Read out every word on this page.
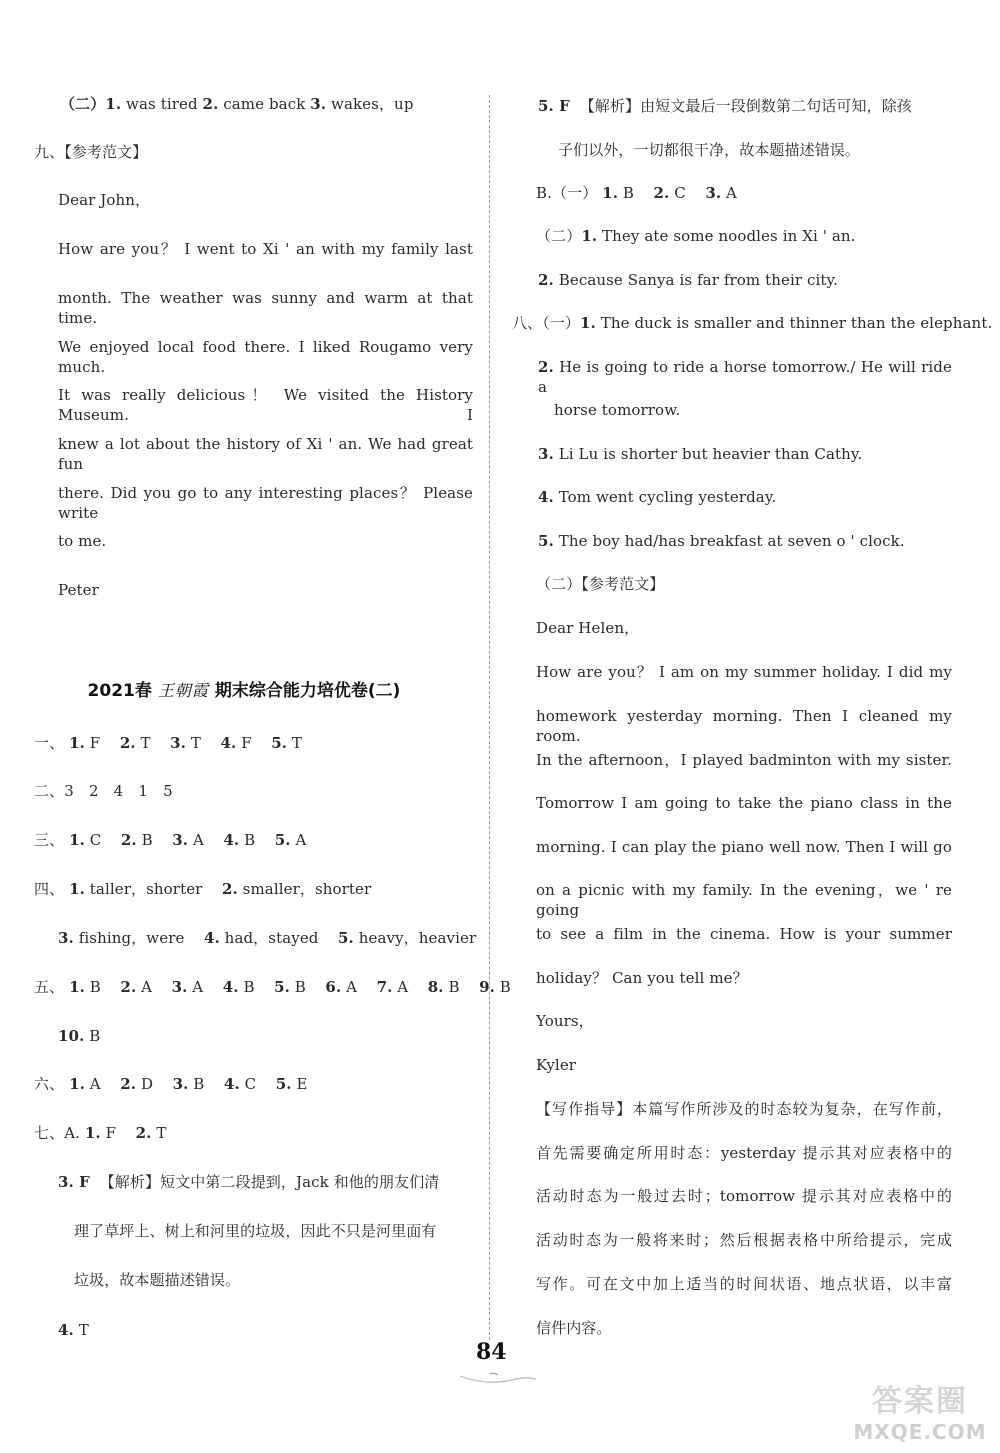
（二）1. was tired 2. came back 3. wakes，up
九、【参考范文】
Dear John，
How are you？ I went to Xi ' an with my family last
month. The weather was sunny and warm at that time.
We enjoyed local food there. I liked Rougamo very much.
It was really delicious！ We visited the History Museum. I
knew a lot about the history of Xi ' an. We had great fun
there. Did you go to any interesting places？ Please write
to me.
Peter
2021春 王朝霞 期末综合能力培优卷(二)
一、 1. F 2. T 3. T 4. F 5. T
二、3　2　4　1　5
三、 1. C 2. B 3. A 4. B 5. A
四、 1. taller，shorter 2. smaller，shorter
3. fishing，were 4. had，stayed 5. heavy，heavier
五、 1. B 2. A 3. A 4. B 5. B 6. A 7. A 8. B 9. B
10. B
六、 1. A 2. D 3. B 4. C 5. E
七、A. 1. F 2. T
3. F 【解析】短文中第二段提到，Jack 和他的朋友们清
理了草坪上、树上和河里的垃圾，因此不只是河里面有
垃圾，故本题描述错误。
4. T
5. F 【解析】由短文最后一段倒数第二句话可知，除孩
子们以外，一切都很干净，故本题描述错误。
B.（一） 1. B 2. C 3. A
（二）1. They ate some noodles in Xi ' an.
2. Because Sanya is far from their city.
八、（一）1. The duck is smaller and thinner than the elephant.
2. He is going to ride a horse tomorrow./ He will ride a
horse tomorrow.
3. Li Lu is shorter but heavier than Cathy.
4. Tom went cycling yesterday.
5. The boy had/has breakfast at seven o ' clock.
（二）【参考范文】
Dear Helen，
How are you？ I am on my summer holiday. I did my
homework yesterday morning. Then I cleaned my room.
In the afternoon，I played badminton with my sister.
Tomorrow I am going to take the piano class in the
morning. I can play the piano well now. Then I will go
on a picnic with my family. In the evening，we ' re going
to see a film in the cinema. How is your summer
holiday？ Can you tell me？
Yours，
Kyler
【写作指导】本篇写作所涉及的时态较为复杂，在写作前，
首先需要确定所用时态：yesterday 提示其对应表格中的
活动时态为一般过去时；tomorrow 提示其对应表格中的
活动时态为一般将来时；然后根据表格中所给提示，完成
写作。可在文中加上适当的时间状语、地点状语，以丰富
信件内容。
84
答案圈
MXQE.COM
